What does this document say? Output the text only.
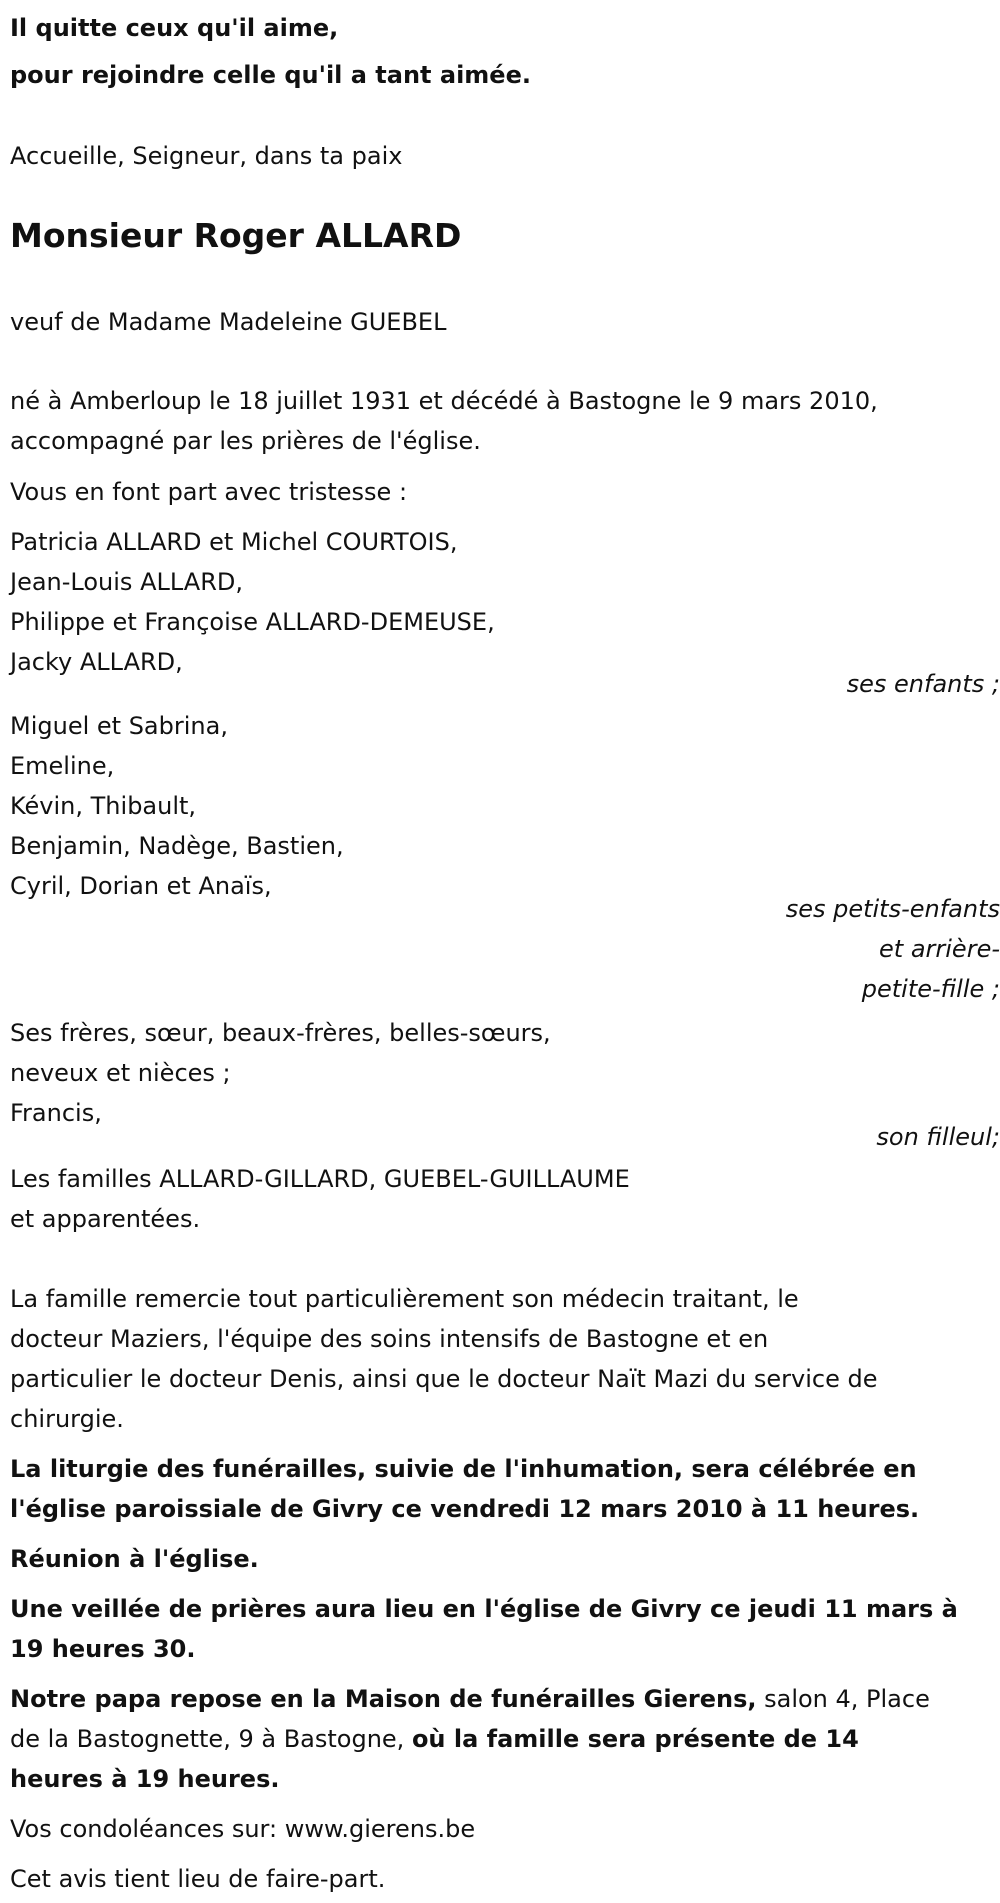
Il quitte ceux qu'il aime,
pour rejoindre celle qu'il a tant aimée.
Accueille, Seigneur, dans ta paix
Monsieur Roger ALLARD
veuf de Madame Madeleine GUEBEL
né à Amberloup le 18 juillet 1931 et décédé à Bastogne le 9 mars 2010,
accompagné par les prières de l'église.
Vous en font part avec tristesse :
Patricia ALLARD et Michel COURTOIS,
Jean-Louis ALLARD,
Philippe et Françoise ALLARD-DEMEUSE,
Jacky ALLARD,
ses enfants ;
Miguel et Sabrina,
Emeline,
Kévin, Thibault,
Benjamin, Nadège, Bastien,
Cyril, Dorian et Anaïs,
ses petits-enfants
et arrière-
petite-fille ;
Ses frères, sœur, beaux-frères, belles-sœurs,
neveux et nièces ;
Francis,
son filleul;
Les familles ALLARD-GILLARD, GUEBEL-GUILLAUME
et apparentées.
La famille remercie tout particulièrement son médecin traitant, le
docteur Maziers, l'équipe des soins intensifs de Bastogne et en
particulier le docteur Denis, ainsi que le docteur Naït Mazi du service de
chirurgie.
La liturgie des funérailles, suivie de l'inhumation, sera célébrée en
l'église paroissiale de Givry ce vendredi 12 mars 2010 à 11 heures.
Réunion à l'église.
Une veillée de prières aura lieu en l'église de Givry ce jeudi 11 mars à
19 heures 30.
Notre papa repose en la Maison de funérailles Gierens, salon 4, Place
de la Bastognette, 9 à Bastogne, où la famille sera présente de 14
heures à 19 heures.
Vos condoléances sur: www.gierens.be
Cet avis tient lieu de faire-part.
